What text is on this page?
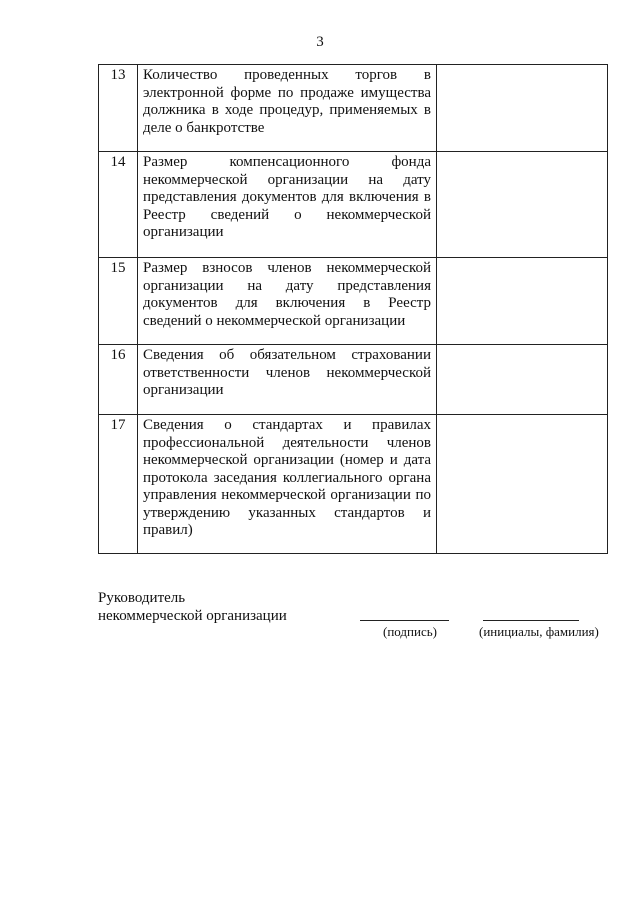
3
13	Количество проведенных торгов в электронной форме по продаже имущества должника в ходе процедур, применяемых в деле о банкротстве	
14	Размер компенсационного фонда некоммерческой организации на дату представления документов для включения в Реестр сведений о некоммерческой организации	
15	Размер взносов членов некоммерческой организации на дату представления документов для включения в Реестр сведений о некоммерческой организации	
16	Сведения об обязательном страховании ответственности членов некоммерческой организации	
17	Сведения о стандартах и правилах профессиональной деятельности членов некоммерческой организации (номер и дата протокола заседания коллегиального органа управления некоммерческой организации по утверждению указанных стандартов и правил)	
Руководитель
некоммерческой организации
(подпись)	(инициалы, фамилия)
